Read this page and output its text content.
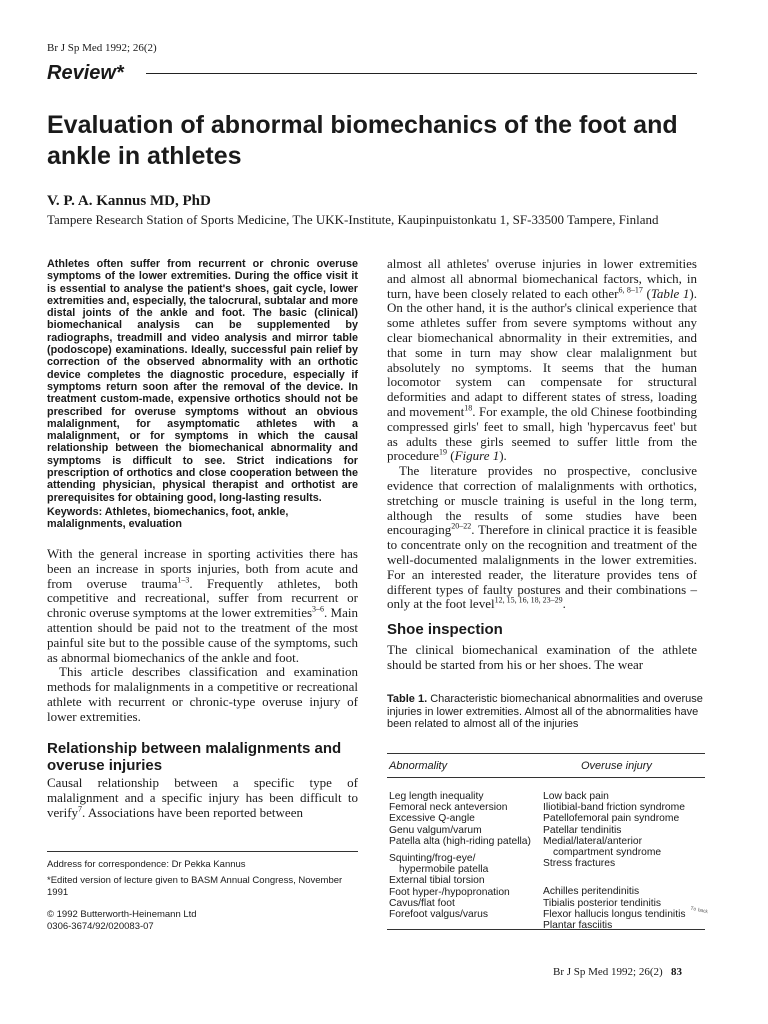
Br J Sp Med 1992; 26(2)
Review*
Evaluation of abnormal biomechanics of the foot and ankle in athletes
V. P. A. Kannus MD, PhD
Tampere Research Station of Sports Medicine, The UKK-Institute, Kaupinpuistonkatu 1, SF-33500 Tampere, Finland
Athletes often suffer from recurrent or chronic overuse symptoms of the lower extremities. During the office visit it is essential to analyse the patient's shoes, gait cycle, lower extremities and, especially, the talocrural, subtalar and more distal joints of the ankle and foot. The basic (clinical) biomechanical analysis can be supplemented by radiographs, treadmill and video analysis and mirror table (podoscope) examinations. Ideally, successful pain relief by correction of the observed abnormality with an orthotic device completes the diagnostic procedure, especially if symptoms return soon after the removal of the device. In treatment custom-made, expensive orthotics should not be prescribed for overuse symptoms without an obvious malalignment, for asymptomatic athletes with a malalignment, or for symptoms in which the causal relationship between the biomechanical abnormality and symptoms is difficult to see. Strict indications for prescription of orthotics and close cooperation between the attending physician, physical therapist and orthotist are prerequisites for obtaining good, long-lasting results.
Keywords: Athletes, biomechanics, foot, ankle, malalignments, evaluation

With the general increase in sporting activities there has been an increase in sports injuries, both from acute and from overuse trauma$^{1-3}$. Frequently athletes, both competitive and recreational, suffer from recurrent or chronic overuse symptoms at the lower extremities$^{3-6}$. Main attention should be paid not to the treatment of the most painful site but to the possible cause of the symptoms, such as abnormal biomechanics of the ankle and foot.

This article describes classification and examination methods for malalignments in a competitive or recreational athlete with recurrent or chronic-type overuse injury of lower extremities.

Relationship between malalignments and overuse injuries

Causal relationship between a specific type of malalignment and a specific injury has been difficult to verify$^7$. Associations have been reported between

Address for correspondence: Dr Pekka Kannus
*Edited version of lecture given to BASM Annual Congress, November 1991
© 1992 Butterworth-Heinemann Ltd
0306-3674/92/020083-07

almost all athletes' overuse injuries in lower extremities and almost all abnormal biomechanical factors, which, in turn, have been closely related to each other$^{6, 8-17}$ (Table 1). On the other hand, it is the author's clinical experience that some athletes suffer from severe symptoms without any clear biomechanical abnormality in their extremities, and that some in turn may show clear malalignment but absolutely no symptoms. It seems that the human locomotor system can compensate for structural deformities and adapt to different states of stress, loading and movement$^{18}$. For example, the old Chinese footbinding compressed girls' feet to small, high 'hypercavus feet' but as adults these girls seemed to suffer little from the procedure$^{19}$ (Figure 1).

The literature provides no prospective, conclusive evidence that correction of malalignments with orthotics, stretching or muscle training is useful in the long term, although the results of some studies have been encouraging$^{20-22}$. Therefore in clinical practice it is feasible to concentrate only on the recognition and treatment of the well-documented malalignments in the lower extremities. For an interested reader, the literature provides tens of different types of faulty postures and their combinations – only at the foot level$^{12, 15, 16, 18, 23-29}$.

Shoe inspection
The clinical biomechanical examination of the athlete should be started from his or her shoes. The wear
Table 1. Characteristic biomechanical abnormalities and overuse injuries in lower extremities. Almost all of the abnormalities have been related to almost all of the injuries
Abnormality	Overuse injury
Leg length inequality
Femoral neck anteversion
Excessive Q-angle
Genu valgum/varum
Patella alta (high-riding patella)
Squinting/frog-eye/
hypermobile patella
External tibial torsion
Foot hyper-/hypopronation
Cavus/flat foot
Forefoot valgus/varus
Low back pain
Iliotibial-band friction syndrome
Patellofemoral pain syndrome
Patellar tendinitis
Medial/lateral/anterior
compartment syndrome
Stress fractures
Achilles peritendinitis
Tibialis posterior tendinitis
Flexor hallucis longus tendinitis
Plantar fasciitis
ᵀᵒ ᵇᵃᶜᵏ
Br J Sp Med 1992; 26(2) 83
